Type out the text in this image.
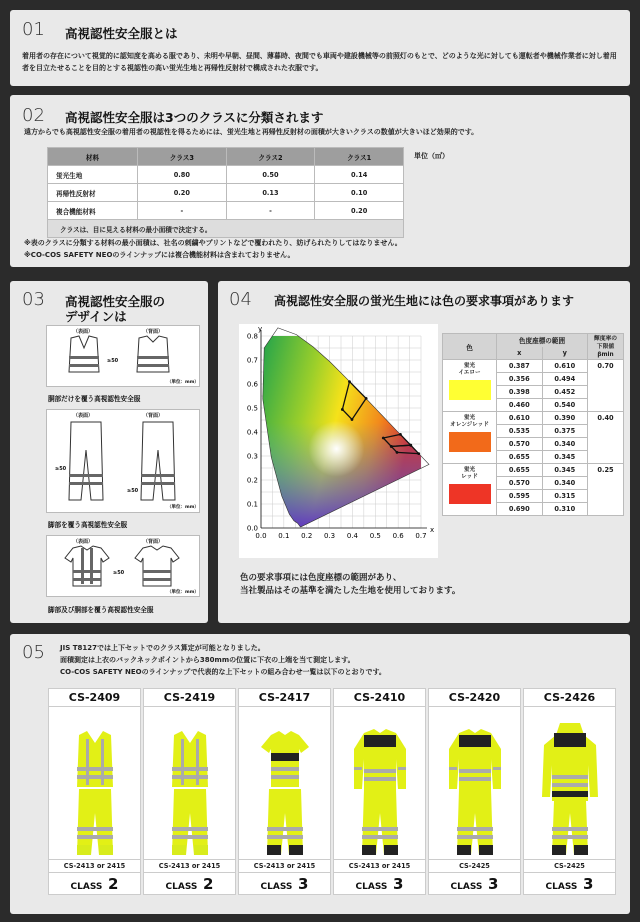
01 高視認性安全服とは
着用者の存在について視覚的に認知度を高める服であり、未明や早朝、昼間、薄暮時、夜間でも車両や建設機械等の前照灯のもとで、どのような光に対しても運転者や機械作業者に対し着用者を目立たせることを目的とする視認性の高い蛍光生地と再帰性反射材で構成された衣服です。
02 高視認性安全服は3つのクラスに分類されます
遠方からでも高視認性安全服の着用者の視認性を得るためには、蛍光生地と再帰性反射材の面積が大きいクラスの数値が大きいほど効果的です。
材料	クラス3	クラス2	クラス1
蛍光生地	0.80	0.50	0.14
再帰性反射材	0.20	0.13	0.10
複合機能材料	-	-	0.20
クラスは、目に見える材料の最小面積で決定する。			
単位（㎡）
※表のクラスに分類する材料の最小面積は、社名の刺繍やプリントなどで覆われたり、妨げられたりしてはなりません。
※CO-COS SAFETY NEOのラインナップには複合機能材料は含まれておりません。
03 高視認性安全服の
デザインは
（表面）	（背面）
≥50
（単位：mm）
胴部だけを覆う高視認性安全服
（表面）	（背面）
≥50
≥50
（単位：mm）
脚部を覆う高視認性安全服
（表面）	（背面）
≥50
（単位：mm）
脚部及び胴部を覆う高視認性安全服
04 高視認性安全服の蛍光生地には色の要求事項があります
0.0 0.1 0.2 0.3 0.4 0.5 0.6 0.7
0.0
0.1
0.2
0.3
0.4
0.5
0.6
0.7
0.8
x
y
色	色度座標の範囲		輝度率の
下限値
βmin

	x	y	

蛍光
イエロー	0.387	0.610	0.70
	0.356	0.494	
	0.398	0.452	
	0.460	0.540	

蛍光
オレンジレッド	0.610	0.390	0.40
	0.535	0.375	
	0.570	0.340	
	0.655	0.345	

蛍光
レッド	0.655	0.345	0.25
	0.570	0.340	
	0.595	0.315	
	0.690	0.310	
色の要求事項には色度座標の範囲があり、
当社製品はその基準を満たした生地を使用しております。
05 JIS T8127では上下セットでのクラス算定が可能となりました。
面積測定は上衣のバックネックポイントから380mmの位置に下衣の上端を当て測定します。
CO-COS SAFETY NEOのラインナップで代表的な上下セットの組み合わせ一覧は以下のとおりです。
CS-2409
CS-2413 or 2415
CLASS 2
CS-2419
CS-2413 or 2415
CLASS 2
CS-2417
CS-2413 or 2415
CLASS 3
CS-2410
CS-2413 or 2415
CLASS 3
CS-2420
CS-2425
CLASS 3
CS-2426
CS-2425
CLASS 3
